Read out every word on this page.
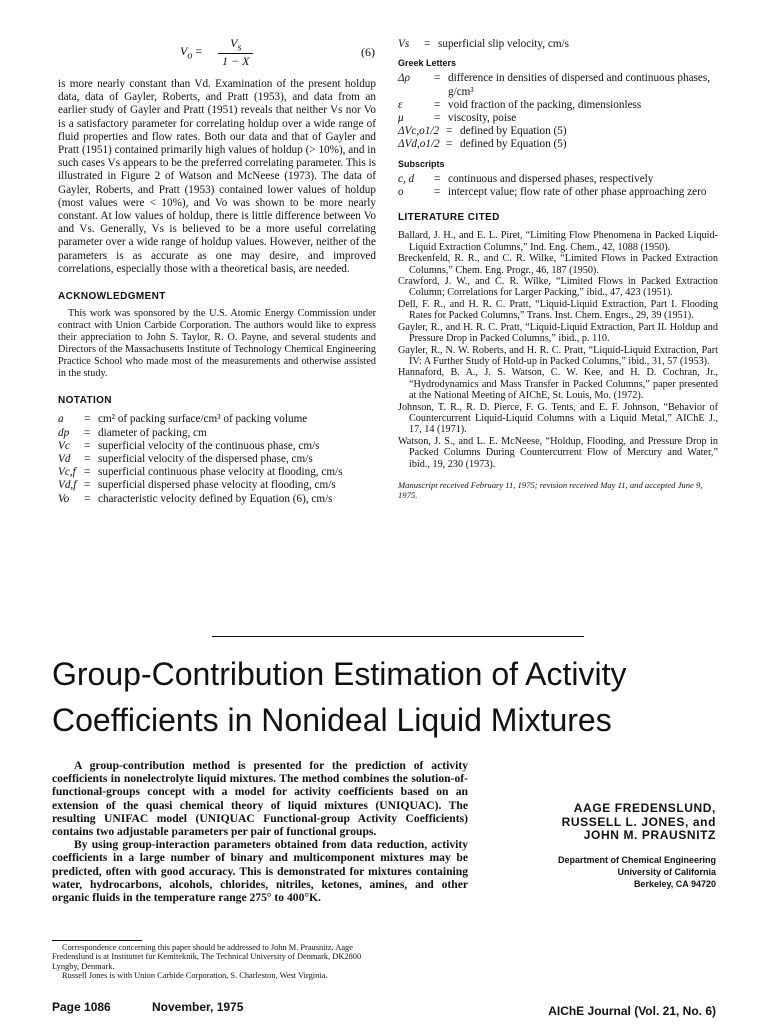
$V_o = \frac{V_s}{1 - X}$	(6)

is more nearly constant than Vd. Examination of the present holdup data, data of Gayler, Roberts, and Pratt (1953), and data from an earlier study of Gayler and Pratt (1951) reveals that neither Vs nor Vo is a satisfactory parameter for correlating holdup over a wide range of fluid properties and flow rates. Both our data and that of Gayler and Pratt (1951) contained primarily high values of holdup (> 10%), and in such cases Vs appears to be the preferred correlating parameter. This is illustrated in Figure 2 of Watson and McNeese (1973). The data of Gayler, Roberts, and Pratt (1953) contained lower values of holdup (most values were < 10%), and Vo was shown to be more nearly constant. At low values of holdup, there is little difference between Vo and Vs. Generally, Vs is believed to be a more useful correlating parameter over a wide range of holdup values. However, neither of the parameters is as accurate as one may desire, and improved correlations, especially those with a theoretical basis, are needed.

ACKNOWLEDGMENT

This work was sponsored by the U.S. Atomic Energy Commission under contract with Union Carbide Corporation. The authors would like to express their appreciation to John S. Taylor, R. O. Payne, and several students and Directors of the Massachusetts Institute of Technology Chemical Engineering Practice School who made most of the measurements and otherwise assisted in the study.

NOTATION
a	= cm² of packing surface/cm³ of packing volume
dp	= diameter of packing, cm
Vc	= superficial velocity of the continuous phase, cm/s
Vd	= superficial velocity of the dispersed phase, cm/s
Vc,f = superficial continuous phase velocity at flooding, cm/s
Vd,f = superficial dispersed phase velocity at flooding, cm/s
Vo	= characteristic velocity defined by Equation (6), cm/s
Vs	= superficial slip velocity, cm/s
Greek Letters
Δρ	= difference in densities of dispersed and continuous phases, g/cm³
ε	= void fraction of the packing, dimensionless
μ	= viscosity, poise
ΔVc,o1/2 = defined by Equation (5)
ΔVd,o1/2 = defined by Equation (5)
Subscripts
c, d	= continuous and dispersed phases, respectively
o	= intercept value; flow rate of other phase approaching zero
LITERATURE CITED

Ballard, J. H., and E. L. Piret, “Limiting Flow Phenomena in Packed Liquid-Liquid Extraction Columns,” Ind. Eng. Chem., 42, 1088 (1950).

Breckenfeld, R. R., and C. R. Wilke, “Limited Flows in Packed Extraction Columns,” Chem. Eng. Progr., 46, 187 (1950).

Crawford, J. W., and C. R. Wilke, “Limited Flows in Packed Extraction Column; Correlations for Larger Packing,” ibid., 47, 423 (1951).

Dell, F. R., and H. R. C. Pratt, “Liquid-Liquid Extraction, Part I. Flooding Rates for Packed Columns,” Trans. Inst. Chem. Engrs., 29, 39 (1951).

Gayler, R., and H. R. C. Pratt, “Liquid-Liquid Extraction, Part II. Holdup and Pressure Drop in Packed Columns,” ibid., p. 110.

Gayler, R., N. W. Roberts, and H. R. C. Pratt, “Liquid-Liquid Extraction, Part IV: A Further Study of Hold-up in Packed Columns,” ibid., 31, 57 (1953).

Hannaford, B. A., J. S. Watson, C. W. Kee, and H. D. Cochran, Jr., “Hydrodynamics and Mass Transfer in Packed Columns,” paper presented at the National Meeting of AIChE, St. Louis, Mo. (1972).

Johnson, T. R., R. D. Pierce, F. G. Tents, and E. F. Johnson, “Behavior of Countercurrent Liquid-Liquid Columns with a Liquid Metal,” AIChE J., 17, 14 (1971).

Watson, J. S., and L. E. McNeese, “Holdup, Flooding, and Pressure Drop in Packed Columns During Countercurrent Flow of Mercury and Water,” ibid., 19, 230 (1973).

Manuscript received February 11, 1975; revision received May 11, and accepted June 9, 1975.

Group-Contribution Estimation of Activity
Coefficients in Nonideal Liquid Mixtures

A group-contribution method is presented for the prediction of activity coefficients in nonelectrolyte liquid mixtures. The method combines the solution-of-functional-groups concept with a model for activity coefficients based on an extension of the quasi chemical theory of liquid mixtures (UNIQUAC). The resulting UNIFAC model (UNIQUAC Functional-group Activity Coefficients) contains two adjustable parameters per pair of functional groups.

By using group-interaction parameters obtained from data reduction, activity coefficients in a large number of binary and multicomponent mixtures may be predicted, often with good accuracy. This is demonstrated for mixtures containing water, hydrocarbons, alcohols, chlorides, nitriles, ketones, amines, and other organic fluids in the temperature range 275° to 400°K.

AAGE FREDENSLUND,
RUSSELL L. JONES, and
JOHN M. PRAUSNITZ
Department of Chemical Engineering
University of California
Berkeley, CA 94720

Correspondence concerning this paper should be addressed to John M. Prausnitz. Aage Fredenslund is at Instituttet fur Kemiteknik, The Technical University of Denmark, DK2800 Lyngby, Denmark.

Russell Jones is with Union Carbide Corporation, S. Charleston, West Virginia.

Page 1086	November, 1975	AIChE Journal (Vol. 21, No. 6)
